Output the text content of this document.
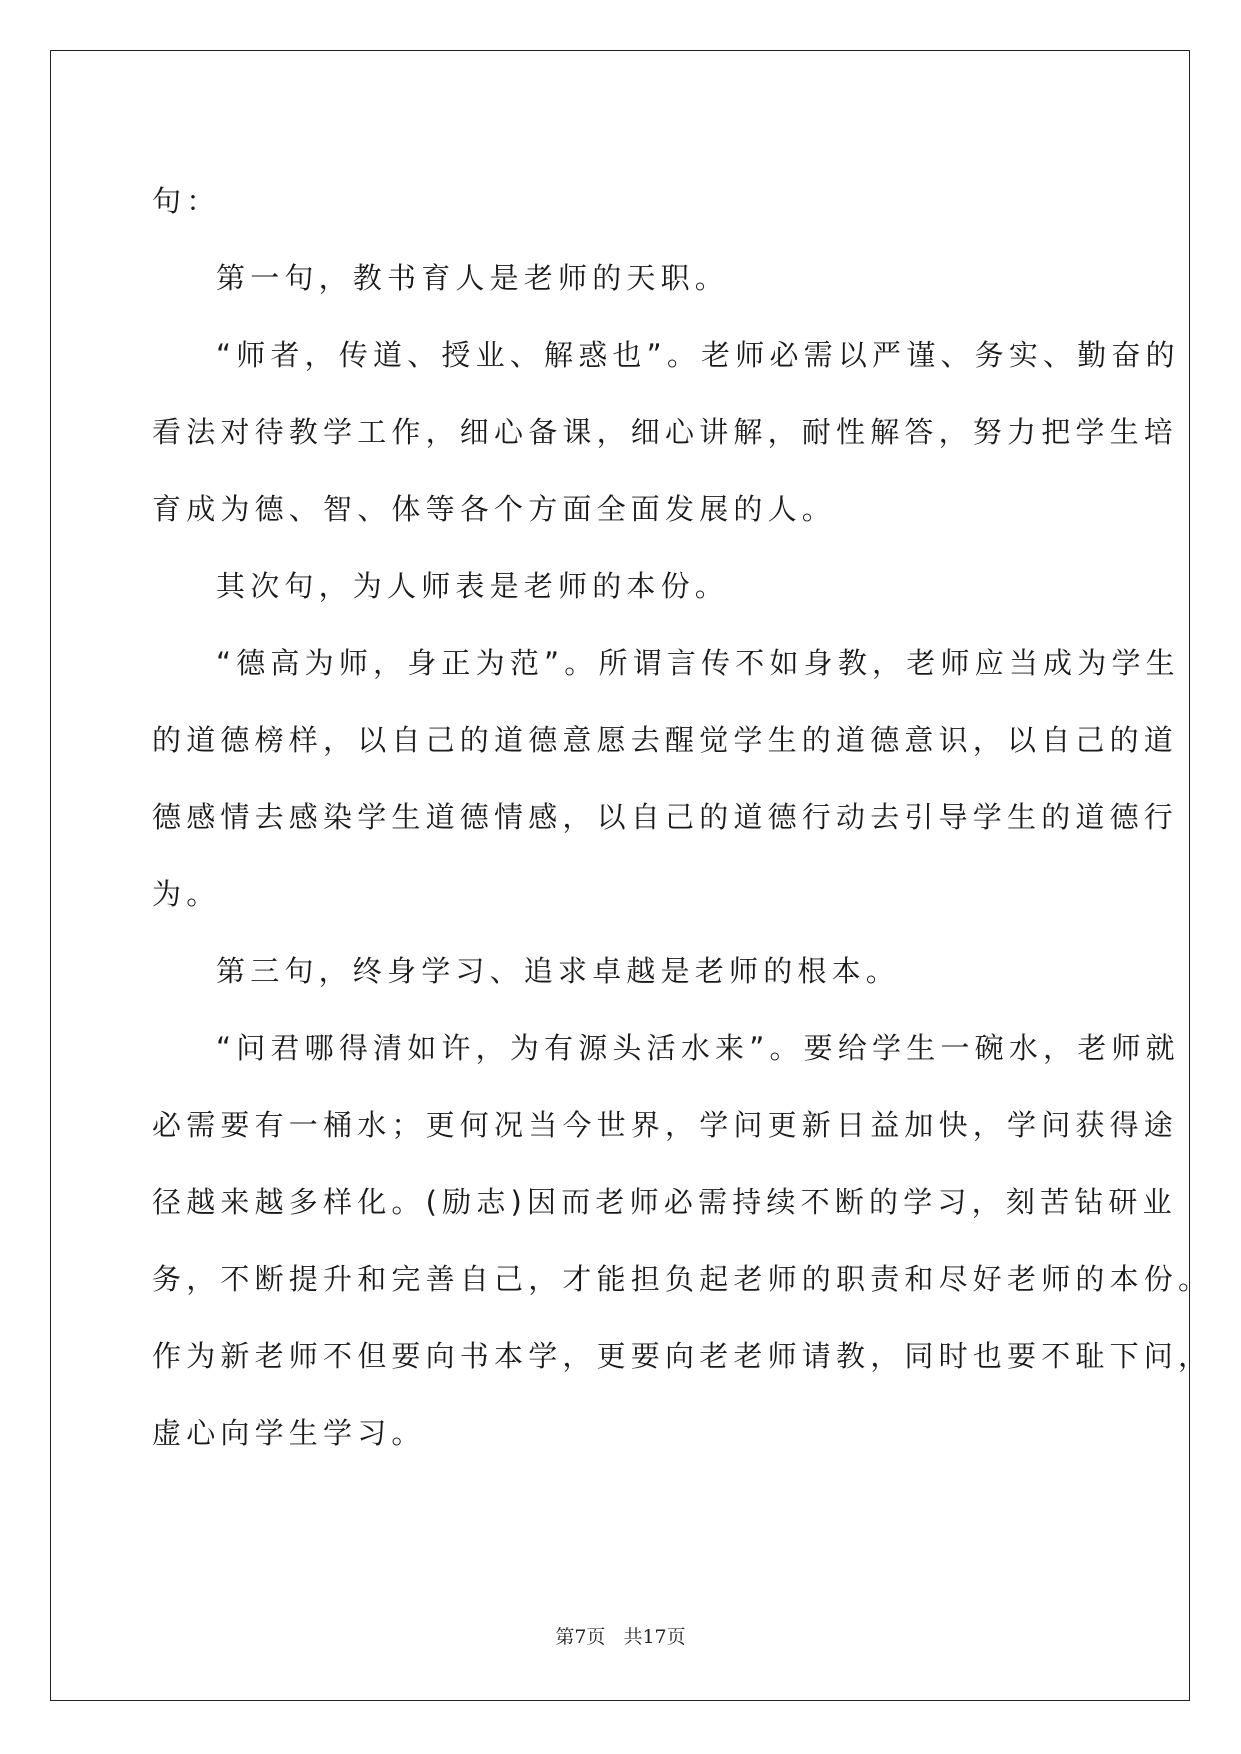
句：
第一句，教书育人是老师的天职。
“师者，传道、授业、解惑也”。老师必需以严谨、务实、勤奋的
看法对待教学工作，细心备课，细心讲解，耐性解答，努力把学生培
育成为德、智、体等各个方面全面发展的人。
其次句，为人师表是老师的本份。
“德高为师，身正为范”。所谓言传不如身教，老师应当成为学生
的道德榜样，以自己的道德意愿去醒觉学生的道德意识，以自己的道
德感情去感染学生道德情感，以自己的道德行动去引导学生的道德行
为。
第三句，终身学习、追求卓越是老师的根本。
“问君哪得清如许，为有源头活水来”。要给学生一碗水，老师就
必需要有一桶水；更何况当今世界，学问更新日益加快，学问获得途
径越来越多样化。(励志)因而老师必需持续不断的学习，刻苦钻研业
务，不断提升和完善自己，才能担负起老师的职责和尽好老师的本份。
作为新老师不但要向书本学，更要向老老师请教，同时也要不耻下问，
虚心向学生学习。
第7页 共17页
